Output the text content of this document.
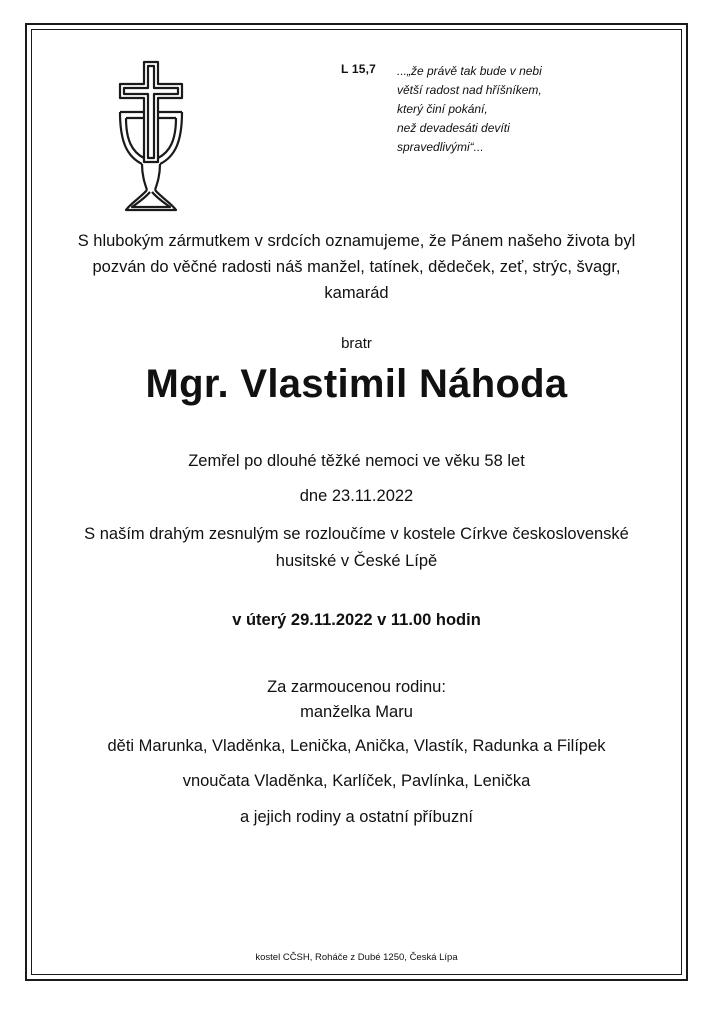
L 15,7 ...„že právě tak bude v nebi
větší radost nad hříšníkem,
který činí pokání,
než devadesáti devíti
spravedlivými“...
S hlubokým zármutkem v srdcích oznamujeme, že Pánem našeho života byl
pozván do věčné radosti náš manžel, tatínek, dědeček, zeť, strýc, švagr,
kamarád
bratr
Mgr. Vlastimil Náhoda
Zemřel po dlouhé těžké nemoci ve věku 58 let
dne 23.11.2022
S naším drahým zesnulým se rozloučíme v kostele Církve československé
husitské v České Lípě
v úterý 29.11.2022 v 11.00 hodin
Za zarmoucenou rodinu:
manželka Maru
děti Marunka, Vladěnka, Lenička, Anička, Vlastík, Radunka a Filípek
vnoučata Vladěnka, Karlíček, Pavlínka, Lenička
a jejich rodiny a ostatní příbuzní
kostel CČSH, Roháče z Dubé 1250, Česká Lípa
